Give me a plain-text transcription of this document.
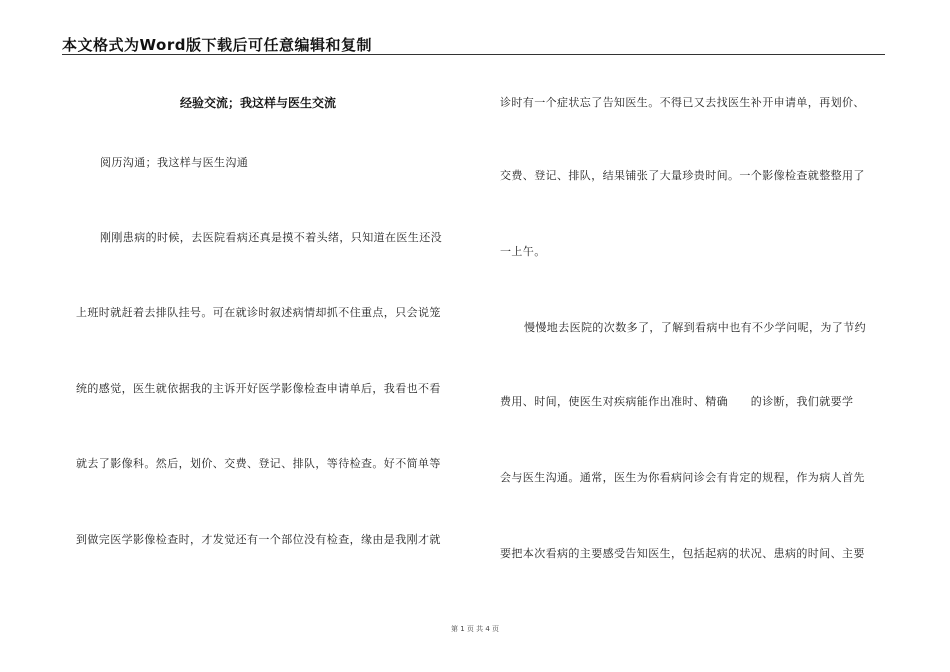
本文格式为Word版下载后可任意编辑和复制
经验交流；我这样与医生交流
阅历沟通；我这样与医生沟通
刚刚患病的时候，去医院看病还真是摸不着头绪，只知道在医生还没
上班时就赶着去排队挂号。可在就诊时叙述病情却抓不住重点，只会说笼
统的感觉，医生就依据我的主诉开好医学影像检查申请单后，我看也不看
就去了影像科。然后，划价、交费、登记、排队，等待检查。好不简单等
到做完医学影像检查时，才发觉还有一个部位没有检查，缘由是我刚才就
诊时有一个症状忘了告知医生。不得已又去找医生补开申请单，再划价、
交费、登记、排队，结果铺张了大量珍贵时间。一个影像检查就整整用了
一上午。
慢慢地去医院的次数多了，了解到看病中也有不少学问呢，为了节约
费用、时间，使医生对疾病能作出准时、精确　　的诊断，我们就要学
会与医生沟通。通常，医生为你看病问诊会有肯定的规程，作为病人首先
要把本次看病的主要感受告知医生，包括起病的状况、患病的时间、主要
第 1 页 共 4 页
